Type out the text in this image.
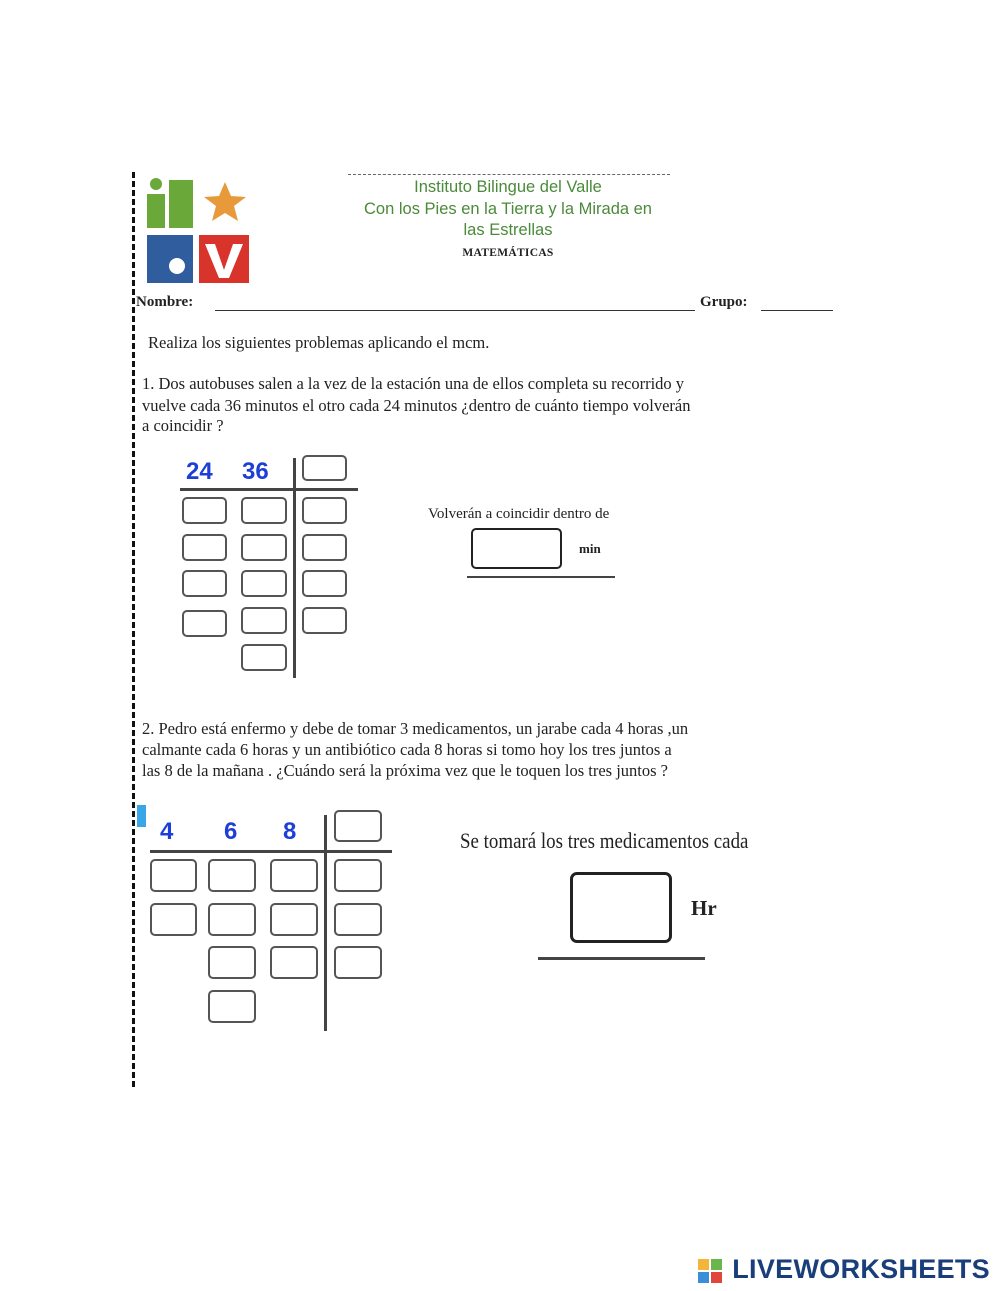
Instituto Bilingue del Valle
Con los Pies en la Tierra y la Mirada en
las Estrellas
MATEMÁTICAS
Nombre:	Grupo:
Realiza los siguientes problemas aplicando el mcm.
1. Dos autobuses salen a la vez de la estación una de ellos completa su recorrido y
vuelve cada 36 minutos el otro cada 24 minutos ¿dentro de cuánto tiempo volverán
a coincidir ?
24 36
Volverán a coincidir dentro de
min
2. Pedro está enfermo y debe de tomar 3 medicamentos, un jarabe cada 4 horas ,un
calmante cada 6 horas y un antibiótico cada 8 horas si tomo hoy los tres juntos a
las 8 de la mañana . ¿Cuándo será la próxima vez que le toquen los tres juntos ?
4 6 8	Se tomará los tres medicamentos cada
Hr
LIVEWORKSHEETS
